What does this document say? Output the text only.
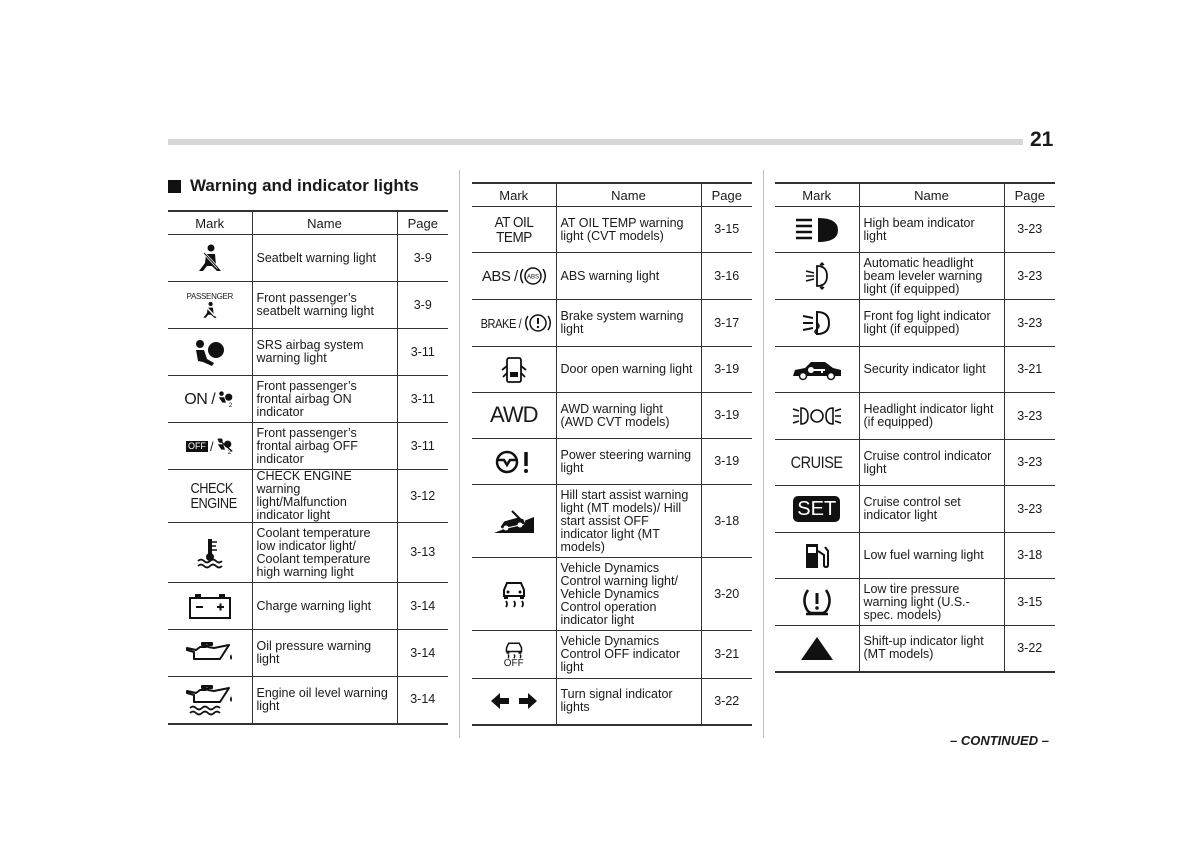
21
Warning and indicator lights
Mark	Name	Page

	Seatbelt warning light	3-9

PASSENGER	Front passenger’s seatbelt warning light	3-9

	SRS airbag system warning light	3-11

ON / 2	Front passenger’s frontal airbag ON indicator	3-11

OFF / 2	Front passenger’s frontal airbag OFF indicator	3-11

CHECK ENGINE	CHECK ENGINE warning light/Malfunction indicator light	3-12

	Coolant temperature low indicator light/ Coolant temperature high warning light	3-13

	Charge warning light	3-14

	Oil pressure warning light	3-14

	Engine oil level warning light	3-14
Mark	Name	Page

AT OIL TEMP	AT OIL TEMP warning light (CVT models)	3-15

ABS / ABS	ABS warning light	3-16

BRAKE /	Brake system warning light	3-17

	Door open warning light	3-19
AWD	AWD warning light (AWD CVT models)	3-19

	Power steering warning light	3-19

	Hill start assist warning light (MT models)/ Hill start assist OFF indicator light (MT models)	3-18

	Vehicle Dynamics Control warning light/ Vehicle Dynamics Control operation indicator light	3-20

OFF	Vehicle Dynamics Control OFF indicator light	3-21

	Turn signal indicator lights	3-22
Mark	Name	Page

	High beam indicator light	3-23

	Automatic headlight beam leveler warning light (if equipped)	3-23

	Front fog light indicator light (if equipped)	3-23

	Security indicator light	3-21

	Headlight indicator light (if equipped)	3-23
CRUISE	Cruise control indicator light	3-23
SET	Cruise control set indicator light	3-23

	Low fuel warning light	3-18

	Low tire pressure warning light (U.S.-spec. models)	3-15

	Shift-up indicator light (MT models)	3-22
– CONTINUED –
